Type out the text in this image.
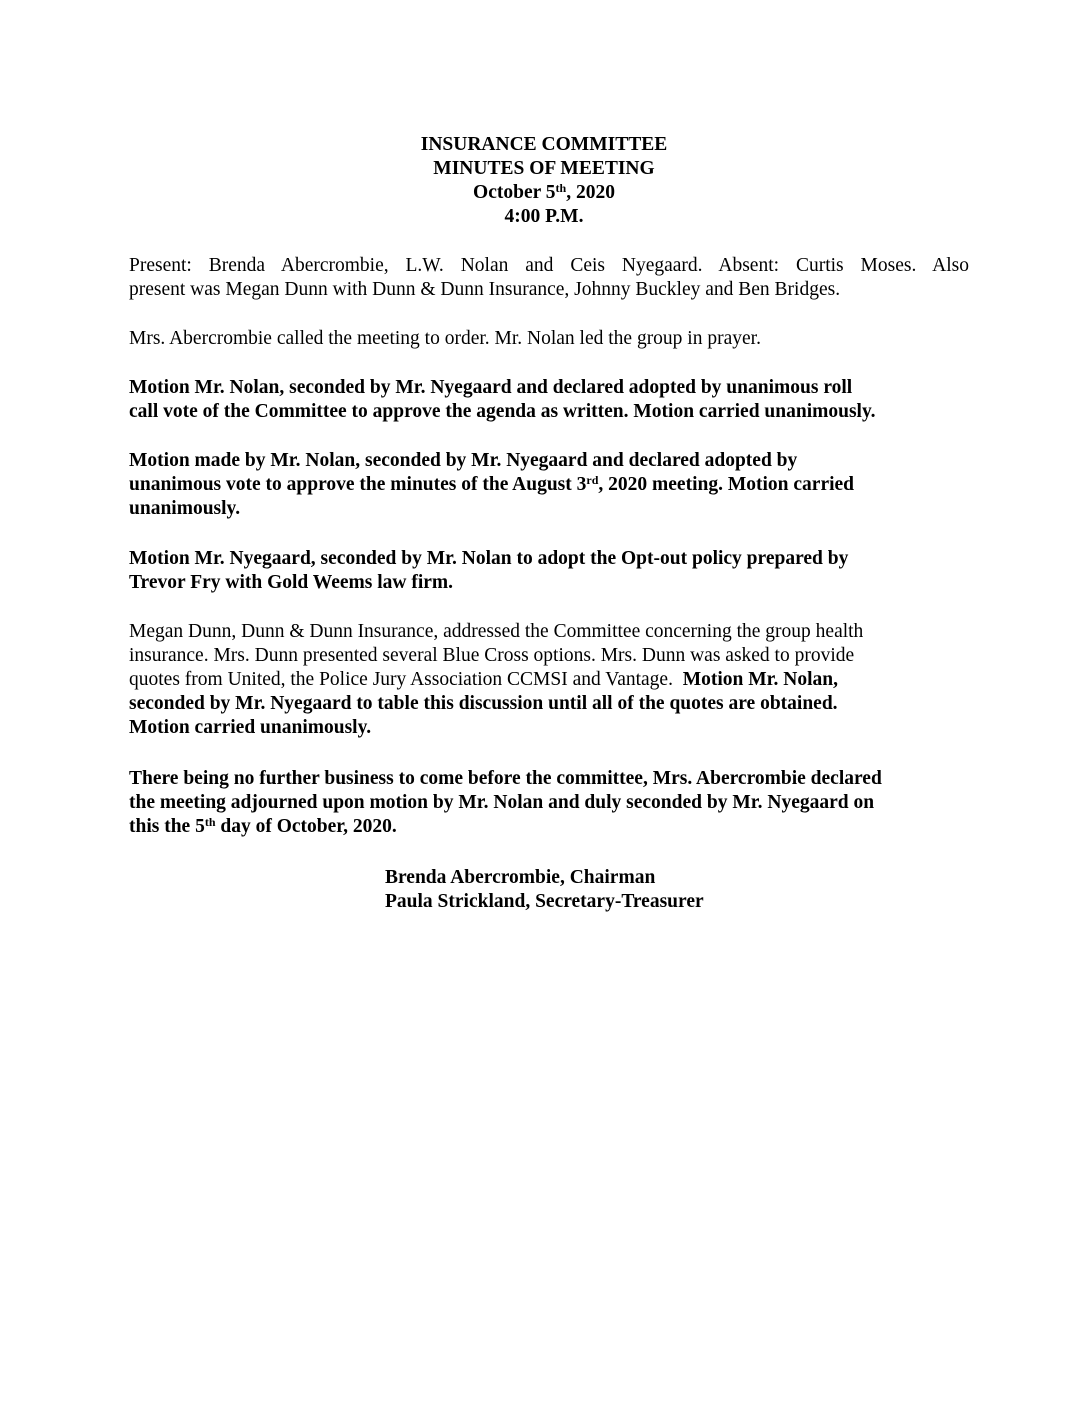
INSURANCE COMMITTEE
MINUTES OF MEETING
October 5th, 2020
4:00 P.M.
Present: Brenda Abercrombie, L.W. Nolan and Ceis Nyegaard. Absent: Curtis Moses. Also
present was Megan Dunn with Dunn & Dunn Insurance, Johnny Buckley and Ben Bridges.
Mrs. Abercrombie called the meeting to order. Mr. Nolan led the group in prayer.
Motion Mr. Nolan, seconded by Mr. Nyegaard and declared adopted by unanimous roll
call vote of the Committee to approve the agenda as written. Motion carried unanimously.
Motion made by Mr. Nolan, seconded by Mr. Nyegaard and declared adopted by
unanimous vote to approve the minutes of the August 3rd, 2020 meeting. Motion carried
unanimously.
Motion Mr. Nyegaard, seconded by Mr. Nolan to adopt the Opt-out policy prepared by
Trevor Fry with Gold Weems law firm.
Megan Dunn, Dunn & Dunn Insurance, addressed the Committee concerning the group health
insurance. Mrs. Dunn presented several Blue Cross options. Mrs. Dunn was asked to provide
quotes from United, the Police Jury Association CCMSI and Vantage.  Motion Mr. Nolan,
seconded by Mr. Nyegaard to table this discussion until all of the quotes are obtained.
Motion carried unanimously.
There being no further business to come before the committee, Mrs. Abercrombie declared
the meeting adjourned upon motion by Mr. Nolan and duly seconded by Mr. Nyegaard on
this the 5th day of October, 2020.
Brenda Abercrombie, Chairman
Paula Strickland, Secretary-Treasurer
